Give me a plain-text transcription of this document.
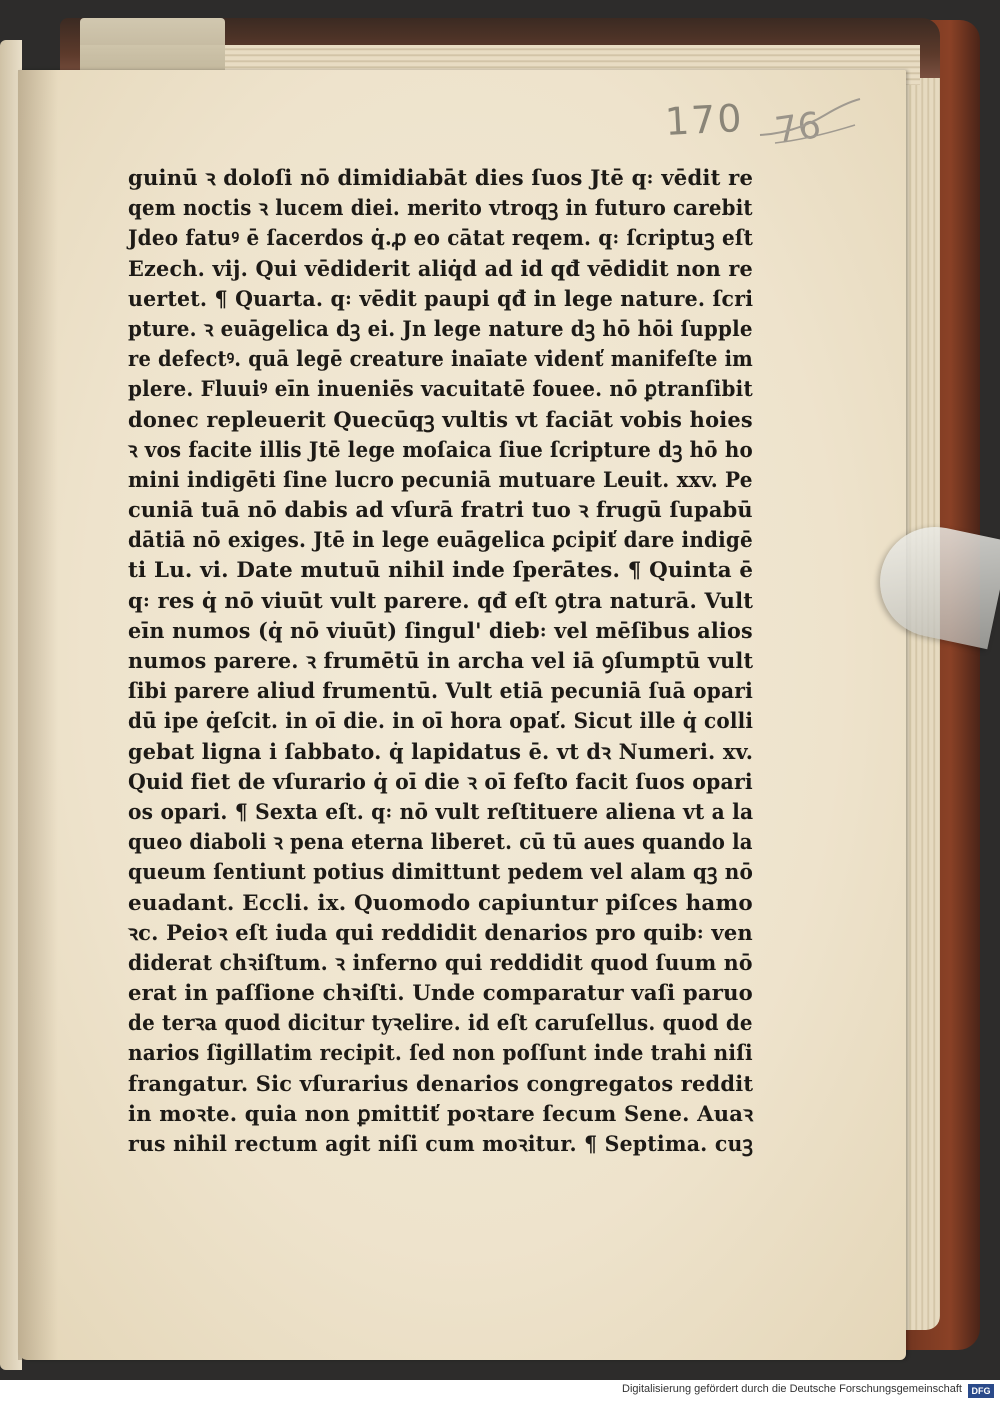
170 76
guinū ꝛ doloſi nō dimidiabāt dies ſuos Jtē q꞉ vēdit re
qem noctis ꝛ lucem diei. merito vtroqꝫ in futuro carebit
Jdeo fatuꝰ ē ſacerdos q̇.ꝓ eo cātat reqem. q꞉ ſcriptuꝫ eſt
Ezech. vij. Qui vēdiderit aliq̇d ad id qđ vēdidit non re
uertet. ¶ Quarta. q꞉ vēdit paupi qđ in lege nature. ſcri
pture. ꝛ euāgelica dꝫ ei. Jn lege nature dꝫ hō hōi ſupple
re defectꝰ. quā legē creature inaīate videnť manifeſte im
plere. Fluuiꝰ eīn inueniēs vacuitatē fouee. nō ꝑtranſibit
donec repleuerit Quecūqꝫ vultis vt faciāt vobis hoies
ꝛ vos facite illis Jtē lege moſaica ſiue ſcripture dꝫ hō ho
mini indigēti ſine lucro pecuniā mutuare Leuit. xxv. Pe
cuniā tuā nō dabis ad vſurā fratri tuo ꝛ frugū ſupabū
dātiā nō exiges. Jtē in lege euāgelica ꝑcipiť dare indigē
ti Lu. vi. Date mutuū nihil inde ſperātes. ¶ Quinta ē
q꞉ res q̇ nō viuūt vult parere. qđ eſt ꝯtra naturā. Vult
eīn numos (q̇ nō viuūt) ſingul' dieb꞉ vel mēſibus alios
numos parere. ꝛ frumētū in archa vel iā ꝯſumptū vult
ſibi parere aliud frumentū. Vult etiā pecuniā ſuā opari
dū ipe q̇eſcit. in oī die. in oī hora opať. Sicut ille q̇ colli
gebat ligna i ſabbato. q̇ lapidatus ē. vt dꝛ Numeri. xv.
Quid fiet de vſurario q̇ oī die ꝛ oī feſto facit ſuos opari
os opari. ¶ Sexta eſt. q꞉ nō vult reſtituere aliena vt a la
queo diaboli ꝛ pena eterna liberet. cū tū aues quando la
queum ſentiunt potius dimittunt pedem vel alam qꝫ nō
euadant. Eccli. ix. Quomodo capiuntur piſces hamo
ꝛc. Peioꝛ eſt iuda qui reddidit denarios pro quib꞉ ven
diderat chꝛiſtum. ꝛ inferno qui reddidit quod ſuum nō
erat in paſſione chꝛiſti. Unde comparatur vaſi paruo
de terꝛa quod dicitur tyꝛelire. id eſt caruſellus. quod de
narios ſigillatim recipit. ſed non poſſunt inde trahi niſi
frangatur. Sic vſurarius denarios congregatos reddit
in moꝛte. quia non ꝑmittiť poꝛtare ſecum Sene. Auaꝛ
rus nihil rectum agit niſi cum moꝛitur. ¶ Septima. cuꝫ
Digitalisierung gefördert durch die Deutsche Forschungsgemeinschaft	DFG
